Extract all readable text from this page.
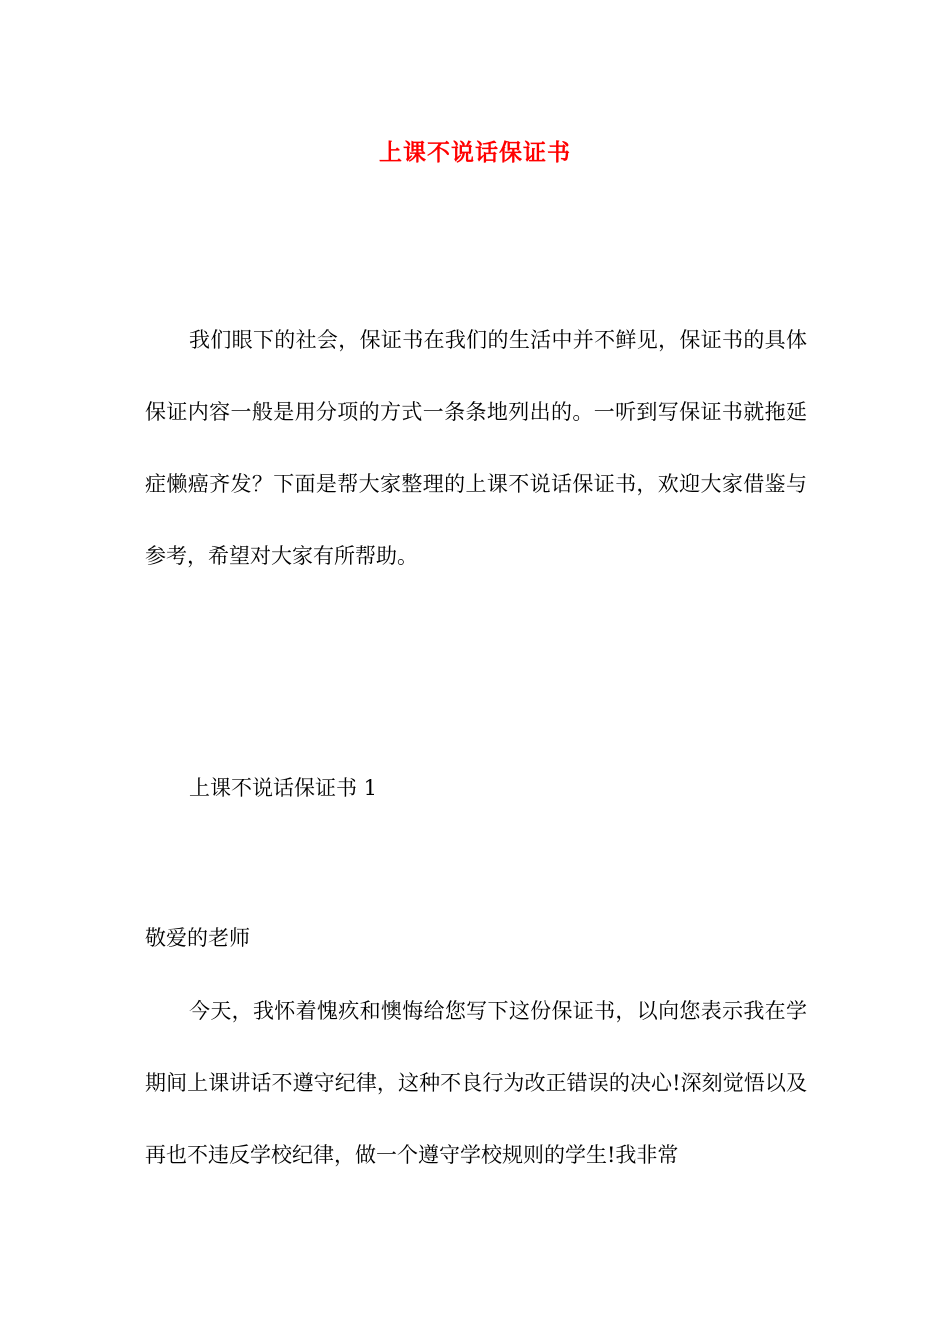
上课不说话保证书

我们眼下的社会，保证书在我们的生活中并不鲜见，保证书的具体保证内容一般是用分项的方式一条条地列出的。一听到写保证书就拖延症懒癌齐发？下面是帮大家整理的上课不说话保证书，欢迎大家借鉴与参考，希望对大家有所帮助。

上课不说话保证书 1
敬爱的老师

今天，我怀着愧疚和懊悔给您写下这份保证书，以向您表示我在学期间上课讲话不遵守纪律，这种不良行为改正错误的决心!深刻觉悟以及再也不违反学校纪律，做一个遵守学校规则的学生!我非常
